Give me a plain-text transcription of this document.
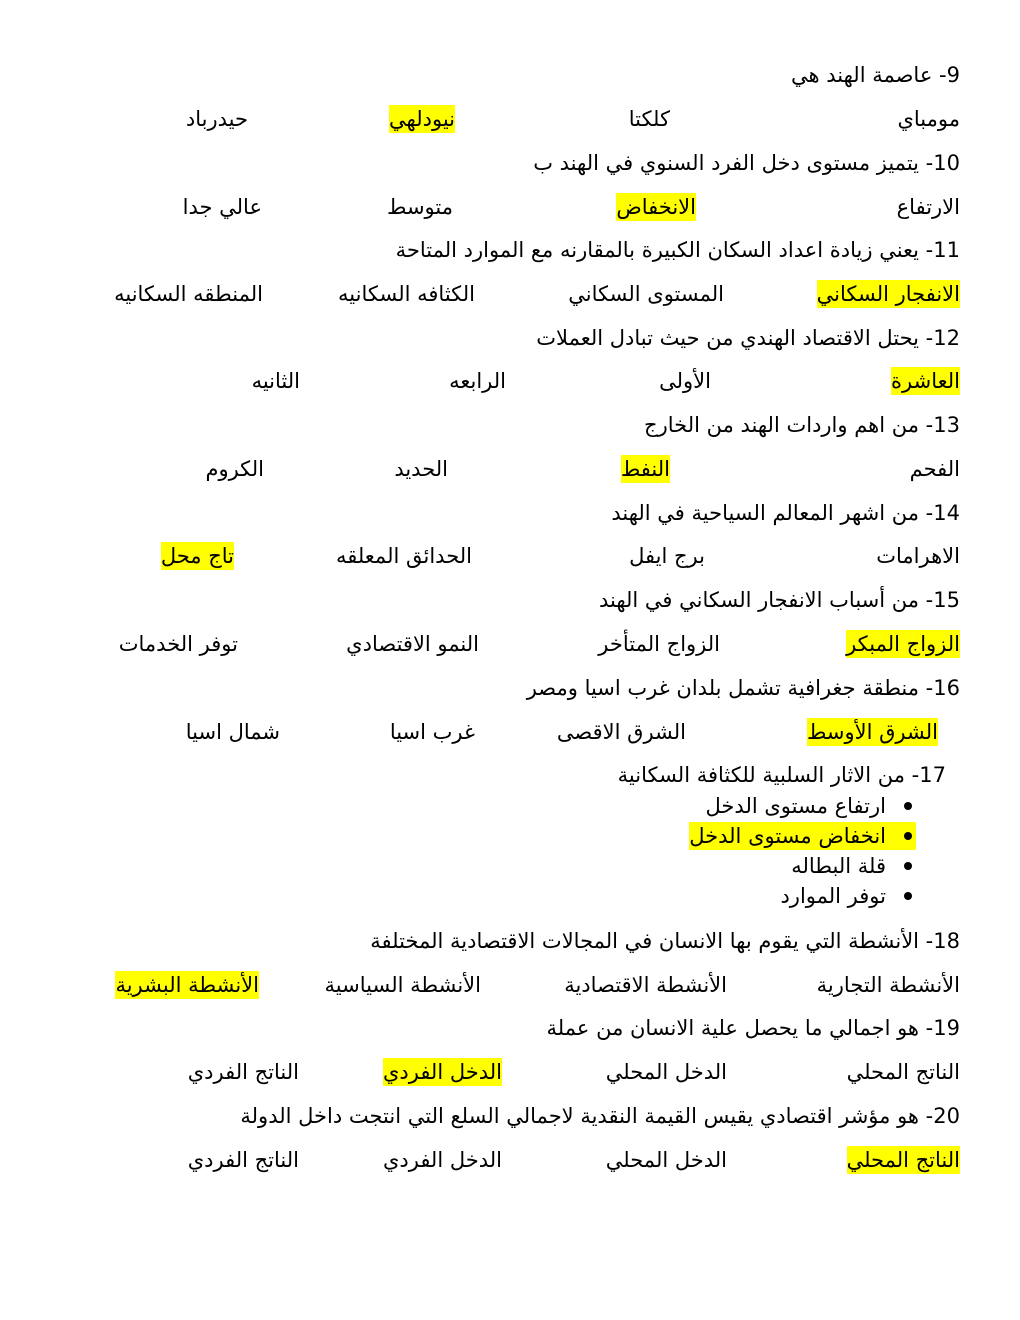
9- عاصمة الهند هي
مومباي
كلكتا
نيودلهي
حيدرباد
10- يتميز مستوى دخل الفرد السنوي في الهند ب
الارتفاع
الانخفاض
متوسط
عالي جدا
11- يعني زيادة اعداد السكان الكبيرة بالمقارنه مع الموارد المتاحة
الانفجار السكاني
المستوى السكاني
الكثافه السكانيه
المنطقه السكانيه
12- يحتل الاقتصاد الهندي من حيث تبادل العملات
العاشرة
الأولى
الرابعه
الثانيه
13- من اهم واردات الهند من الخارج
الفحم
النفط
الحديد
الكروم
14- من اشهر المعالم السياحية في الهند
الاهرامات
برج ايفل
الحدائق المعلقه
تاج محل
15- من أسباب الانفجار السكاني في الهند
الزواج المبكر
الزواج المتأخر
النمو الاقتصادي
توفر الخدمات
16- منطقة جغرافية تشمل بلدان غرب اسيا ومصر
الشرق الأوسط
الشرق الاقصى
غرب اسيا
شمال اسيا
17- من الاثار السلبية للكثافة السكانية
ارتفاع مستوى الدخل
انخفاض مستوى الدخل
قلة البطاله
توفر الموارد
18- الأنشطة التي يقوم بها الانسان في المجالات الاقتصادية المختلفة
الأنشطة التجارية
الأنشطة الاقتصادية
الأنشطة السياسية
الأنشطة البشرية
19- هو اجمالي ما يحصل علية الانسان من عملة
الناتج المحلي
الدخل المحلي
الدخل الفردي
الناتج الفردي
20- هو مؤشر اقتصادي يقيس القيمة النقدية لاجمالي السلع التي انتجت داخل الدولة
الناتج المحلي
الدخل المحلي
الدخل الفردي
الناتج الفردي
